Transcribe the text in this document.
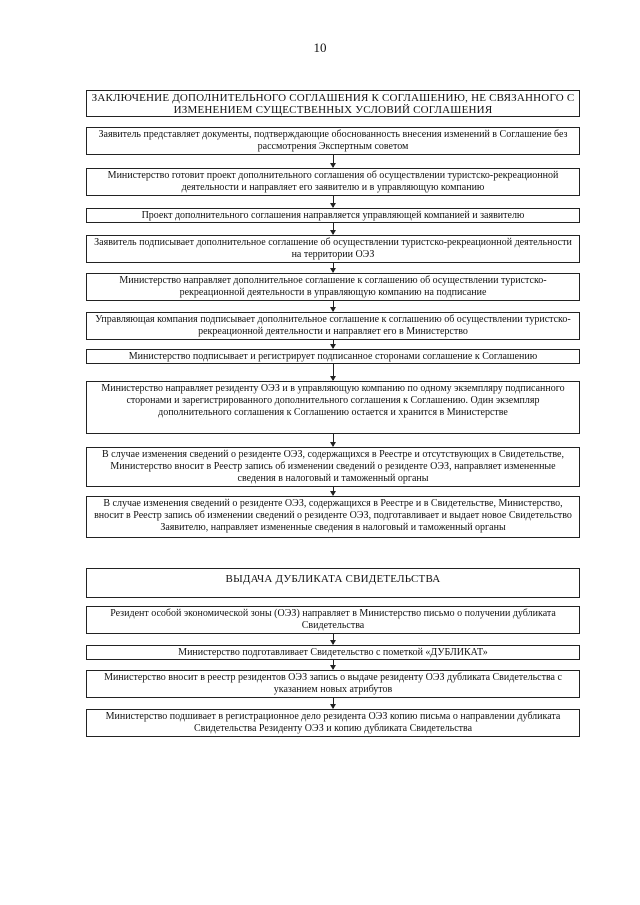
10
ЗАКЛЮЧЕНИЕ ДОПОЛНИТЕЛЬНОГО СОГЛАШЕНИЯ К СОГЛАШЕНИЮ, НЕ СВЯЗАННОГО С ИЗМЕНЕНИЕМ СУЩЕСТВЕННЫХ УСЛОВИЙ СОГЛАШЕНИЯ
Заявитель представляет документы, подтверждающие обоснованность внесения изменений в Соглашение без рассмотрения Экспертным советом
Министерство готовит проект дополнительного соглашения об осуществлении туристско-рекреационной деятельности и направляет его заявителю и в управляющую компанию
Проект дополнительного соглашения направляется управляющей компанией и заявителю
Заявитель подписывает дополнительное соглашение об осуществлении туристско-рекреационной деятельности на территории ОЭЗ
Министерство направляет дополнительное соглашение к соглашению об осуществлении туристско-рекреационной деятельности в управляющую компанию на подписание
Управляющая компания подписывает дополнительное соглашение к соглашению об осуществлении туристско-рекреационной деятельности и направляет его в Министерство
Министерство подписывает и регистрирует подписанное сторонами соглашение к Соглашению
Министерство направляет резиденту ОЭЗ и в управляющую компанию по одному экземпляру подписанного сторонами и зарегистрированного дополнительного соглашения к Соглашению. Один экземпляр дополнительного соглашения к Соглашению остается и хранится в Министерстве
В случае изменения сведений о резиденте ОЭЗ, содержащихся в Реестре и отсутствующих в Свидетельстве, Министерство вносит в Реестр запись об изменении сведений о резиденте ОЭЗ, направляет измененные сведения в налоговый и таможенный органы
В случае изменения сведений о резиденте ОЭЗ, содержащихся в Реестре и в Свидетельстве, Министерство, вносит в Реестр запись об изменении сведений о резиденте ОЭЗ, подготавливает и выдает новое Свидетельство Заявителю, направляет измененные сведения в налоговый и таможенный органы
ВЫДАЧА ДУБЛИКАТА СВИДЕТЕЛЬСТВА
Резидент особой экономической зоны (ОЭЗ) направляет в Министерство письмо о получении дубликата Свидетельства
Министерство подготавливает Свидетельство с пометкой «ДУБЛИКАТ»
Министерство вносит в реестр резидентов ОЭЗ запись о выдаче резиденту ОЭЗ дубликата Свидетельства с указанием новых атрибутов
Министерство подшивает в регистрационное дело резидента ОЭЗ копию письма о направлении дубликата Свидетельства Резиденту ОЭЗ и копию дубликата Свидетельства
